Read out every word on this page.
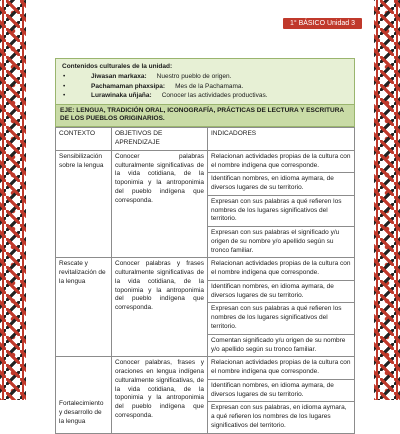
1° BÁSICO Unidad 3
Contenidos culturales de la unidad:
• Jiwasan markaxa: Nuestro pueblo de origen.
• Pachamaman phaxsipa: Mes de la Pachamama.
• Lurawinaka uñjaña: Conocer las actividades productivas.
EJE: LENGUA, TRADICIÓN ORAL, ICONOGRAFÍA, PRÁCTICAS DE LECTURA Y ESCRITURA DE LOS PUEBLOS ORIGINARIOS.
CONTEXTO	OBJETIVOS DE APRENDIZAJE	INDICADORES
Sensibilización sobre la lengua	Conocer palabras culturalmente significativas de la vida cotidiana, de la toponimia y la antroponimia del pueblo indígena que corresponda.	Relacionan actividades propias de la cultura con el nombre indígena que corresponde.
		Identifican nombres, en idioma aymara, de diversos lugares de su territorio.
		Expresan con sus palabras a qué refieren los nombres de los lugares significativos del territorio.
		Expresan con sus palabras el significado y/u origen de su nombre y/o apellido según su tronco familiar.
Rescate y revitalización de la lengua	Conocer palabras y frases culturalmente significativas de la vida cotidiana, de la toponimia y la antroponimia del pueblo indígena que corresponda.	Relacionan actividades propias de la cultura con el nombre indígena que corresponde.
		Identifican nombres, en idioma aymara, de diversos lugares de su territorio.
		Expresan con sus palabras a qué refieren los nombres de los lugares significativos del territorio.
		Comentan significado y/u origen de su nombre y/o apellido según su tronco familiar.
Fortalecimiento y desarrollo de la lengua	Conocer palabras, frases y oraciones en lengua indígena culturalmente significativas, de la vida cotidiana, de la toponimia y la antroponimia del pueblo indígena que corresponda.	Relacionan actividades propias de la cultura con el nombre indígena que corresponde.
		Identifican nombres, en idioma aymara, de diversos lugares de su territorio.
		Expresan con sus palabras, en idioma aymara, a qué refieren los nombres de los lugares significativos del territorio.
